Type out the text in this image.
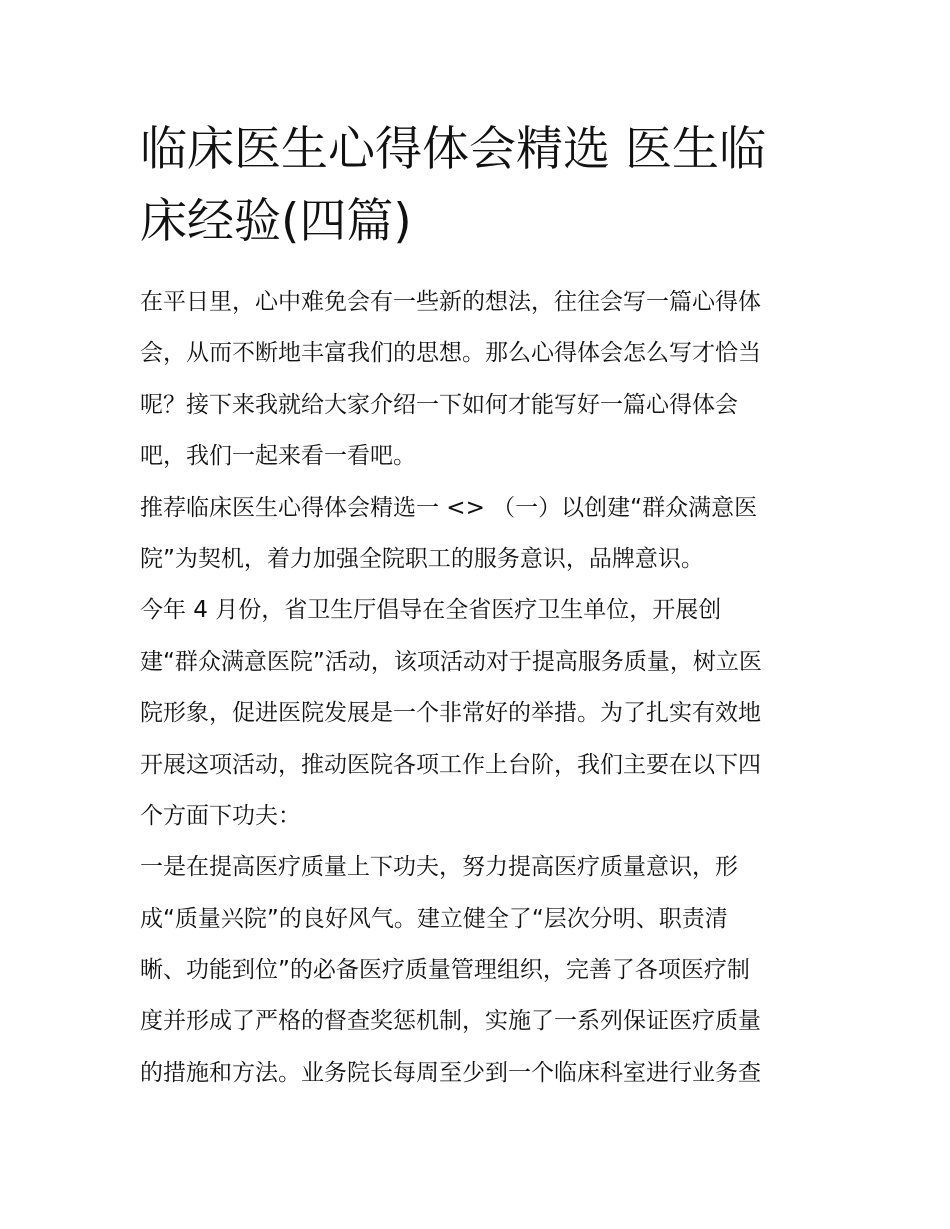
临床医生心得体会精选 医生临
床经验(四篇)
在平日里，心中难免会有一些新的想法，往往会写一篇心得体
会，从而不断地丰富我们的思想。那么心得体会怎么写才恰当
呢？接下来我就给大家介绍一下如何才能写好一篇心得体会
吧，我们一起来看一看吧。
推荐临床医生心得体会精选一 <> （一）以创建“群众满意医
院”为契机，着力加强全院职工的服务意识，品牌意识。
今年 4 月份，省卫生厅倡导在全省医疗卫生单位，开展创
建“群众满意医院”活动，该项活动对于提高服务质量，树立医
院形象，促进医院发展是一个非常好的举措。为了扎实有效地
开展这项活动，推动医院各项工作上台阶，我们主要在以下四
个方面下功夫：
一是在提高医疗质量上下功夫，努力提高医疗质量意识，形
成“质量兴院”的良好风气。建立健全了“层次分明、职责清
晰、功能到位”的必备医疗质量管理组织，完善了各项医疗制
度并形成了严格的督查奖惩机制，实施了一系列保证医疗质量
的措施和方法。业务院长每周至少到一个临床科室进行业务查
